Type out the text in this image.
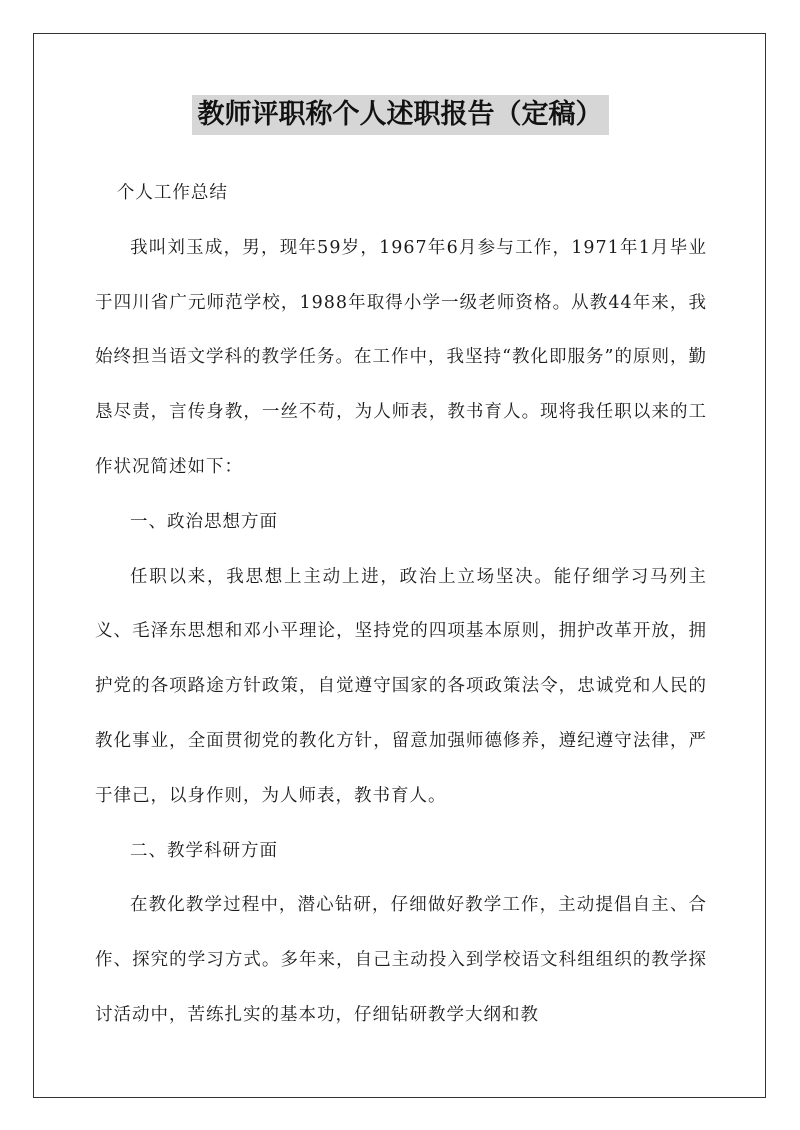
教师评职称个人述职报告（定稿）

个人工作总结

我叫刘玉成，男，现年59岁，1967年6月参与工作，1971年1月毕业于四川省广元师范学校，1988年取得小学一级老师资格。从教44年来，我始终担当语文学科的教学任务。在工作中，我坚持“教化即服务”的原则，勤恳尽责，言传身教，一丝不苟，为人师表，教书育人。现将我任职以来的工作状况简述如下：

一、政治思想方面

任职以来，我思想上主动上进，政治上立场坚决。能仔细学习马列主义、毛泽东思想和邓小平理论，坚持党的四项基本原则，拥护改革开放，拥护党的各项路途方针政策，自觉遵守国家的各项政策法令，忠诚党和人民的教化事业，全面贯彻党的教化方针，留意加强师德修养，遵纪遵守法律，严于律己，以身作则，为人师表，教书育人。

二、教学科研方面

在教化教学过程中，潜心钻研，仔细做好教学工作，主动提倡自主、合作、探究的学习方式。多年来，自己主动投入到学校语文科组组织的教学探讨活动中，苦练扎实的基本功，仔细钻研教学大纲和教
